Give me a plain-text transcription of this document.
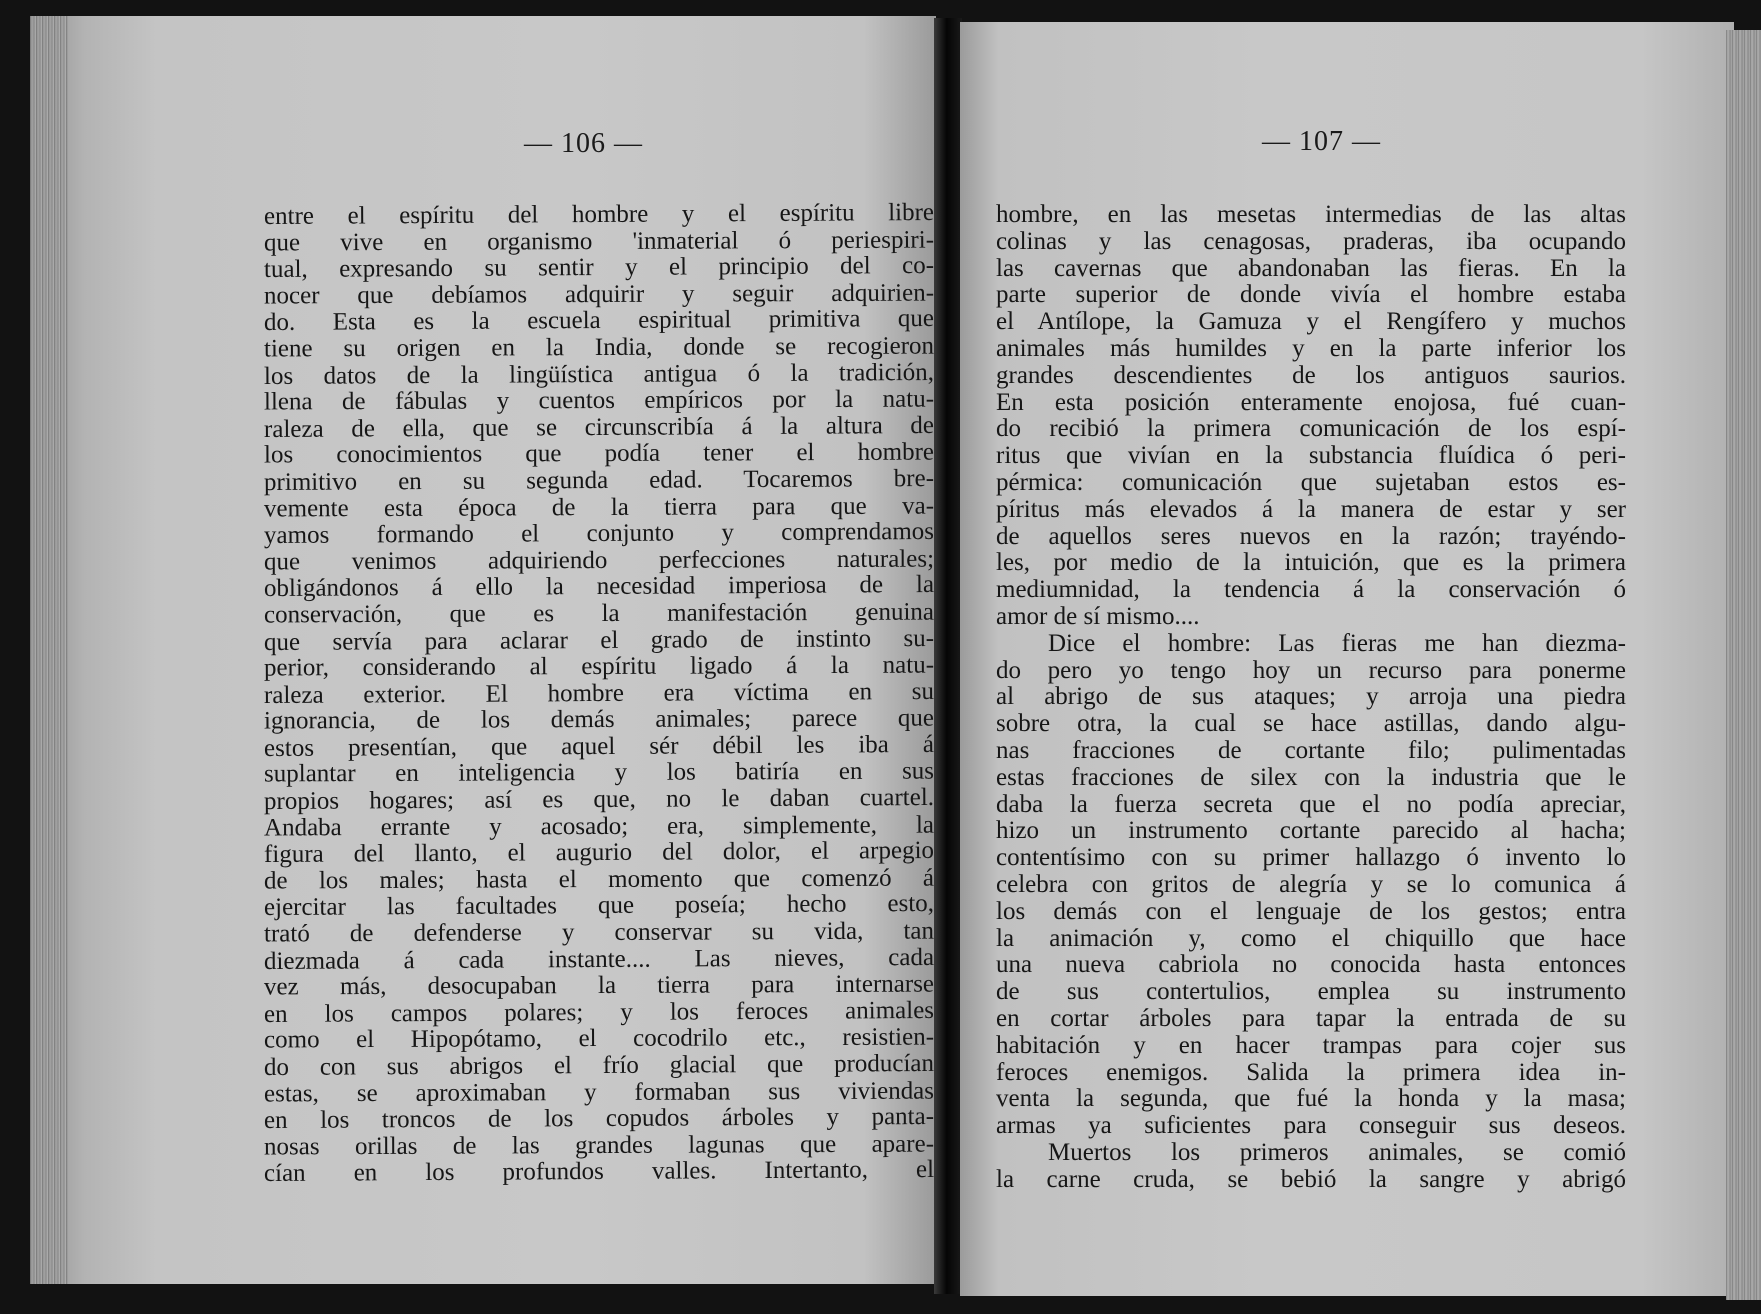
— 106 —
entre el espíritu del hombre y el espíritu libre
que vive en organismo 'inmaterial ó periespiri-
tual, expresando su sentir y el principio del co-
nocer que debíamos adquirir y seguir adquirien-
do. Esta es la escuela espiritual primitiva que
tiene su origen en la India, donde se recogieron
los datos de la lingüística antigua ó la tradición,
llena de fábulas y cuentos empíricos por la natu-
raleza de ella, que se circunscribía á la altura de
los conocimientos que podía tener el hombre
primitivo en su segunda edad. Tocaremos bre-
vemente esta época de la tierra para que va-
yamos formando el conjunto y comprendamos
que venimos adquiriendo perfecciones naturales;
obligándonos á ello la necesidad imperiosa de la
conservación, que es la manifestación genuina
que servía para aclarar el grado de instinto su-
perior, considerando al espíritu ligado á la natu-
raleza exterior. El hombre era víctima en su
ignorancia, de los demás animales; parece que
estos presentían, que aquel sér débil les iba á
suplantar en inteligencia y los batiría en sus
propios hogares; así es que, no le daban cuartel.
Andaba errante y acosado; era, simplemente, la
figura del llanto, el augurio del dolor, el arpegio
de los males; hasta el momento que comenzó á
ejercitar las facultades que poseía; hecho esto,
trató de defenderse y conservar su vida, tan
diezmada á cada instante.... Las nieves, cada
vez más, desocupaban la tierra para internarse
en los campos polares; y los feroces animales
como el Hipopótamo, el cocodrilo etc., resistien-
do con sus abrigos el frío glacial que producían
estas, se aproximaban y formaban sus viviendas
en los troncos de los copudos árboles y panta-
nosas orillas de las grandes lagunas que apare-
cían en los profundos valles. Intertanto, el
— 107 —
hombre, en las mesetas intermedias de las altas
colinas y las cenagosas, praderas, iba ocupando
las cavernas que abandonaban las fieras. En la
parte superior de donde vivía el hombre estaba
el Antílope, la Gamuza y el Rengífero y muchos
animales más humildes y en la parte inferior los
grandes descendientes de los antiguos saurios.
En esta posición enteramente enojosa, fué cuan-
do recibió la primera comunicación de los espí-
ritus que vivían en la substancia fluídica ó peri-
pérmica: comunicación que sujetaban estos es-
píritus más elevados á la manera de estar y ser
de aquellos seres nuevos en la razón; trayéndo-
les, por medio de la intuición, que es la primera
mediumnidad, la tendencia á la conservación ó
amor de sí mismo....
Dice el hombre: Las fieras me han diezma-
do pero yo tengo hoy un recurso para ponerme
al abrigo de sus ataques; y arroja una piedra
sobre otra, la cual se hace astillas, dando algu-
nas fracciones de cortante filo; pulimentadas
estas fracciones de silex con la industria que le
daba la fuerza secreta que el no podía apreciar,
hizo un instrumento cortante parecido al hacha;
contentísimo con su primer hallazgo ó invento lo
celebra con gritos de alegría y se lo comunica á
los demás con el lenguaje de los gestos; entra
la animación y, como el chiquillo que hace
una nueva cabriola no conocida hasta entonces
de sus contertulios, emplea su instrumento
en cortar árboles para tapar la entrada de su
habitación y en hacer trampas para cojer sus
feroces enemigos. Salida la primera idea in-
venta la segunda, que fué la honda y la masa;
armas ya suficientes para conseguir sus deseos.
Muertos los primeros animales, se comió
la carne cruda, se bebió la sangre y abrigó
